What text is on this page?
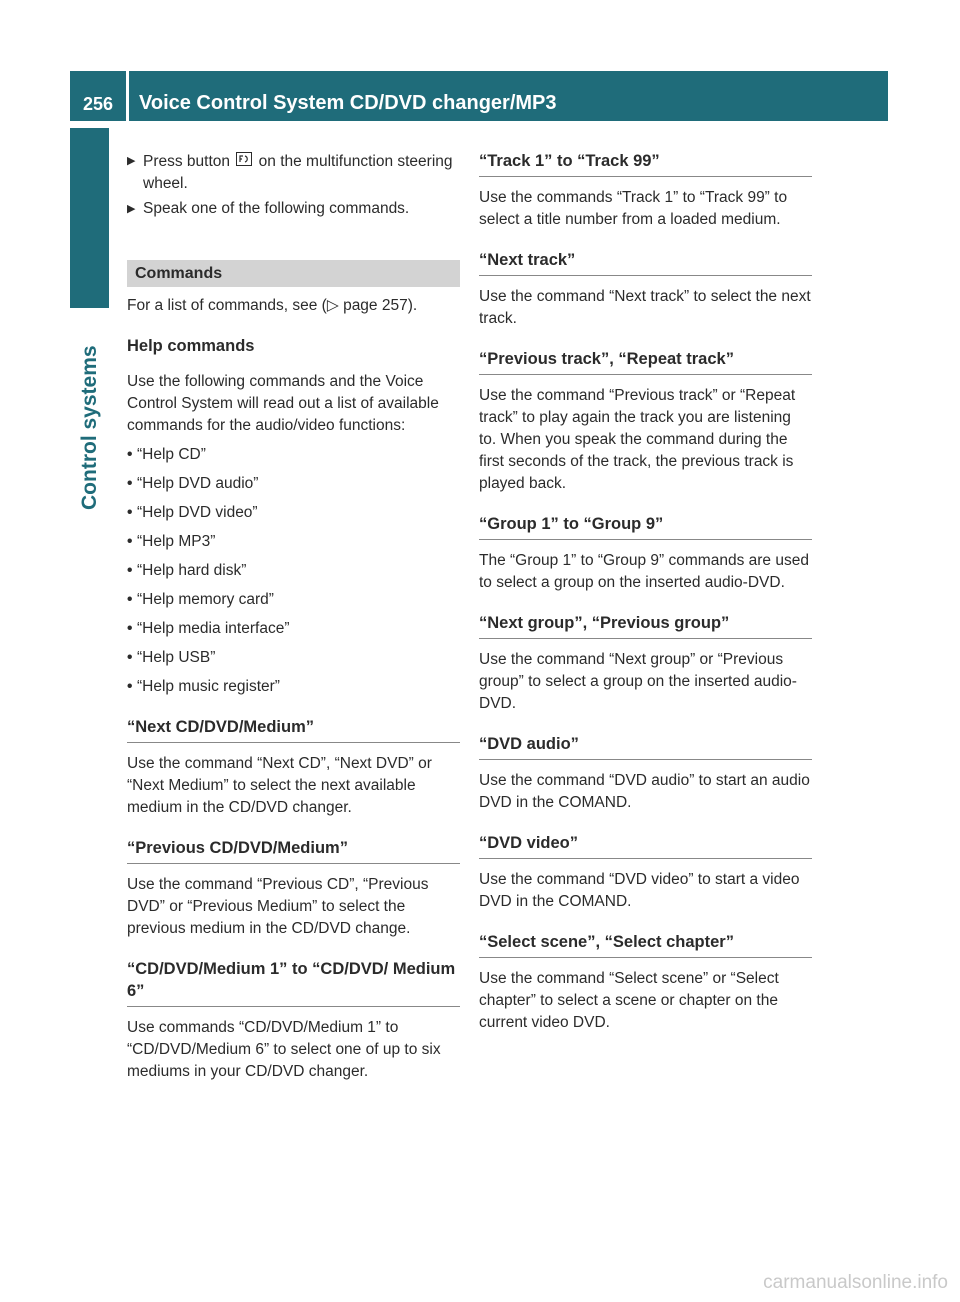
256	Voice Control System CD/DVD changer/MP3
Control systems
▶ Press button on the multifunction steering wheel.
▶ Speak one of the following commands.
Commands
For a list of commands, see (▷ page 257).
Help commands
Use the following commands and the Voice Control System will read out a list of available commands for the audio/video functions:
• “Help CD”
• “Help DVD audio”
• “Help DVD video”
• “Help MP3”
• “Help hard disk”
• “Help memory card”
• “Help media interface”
• “Help USB”
• “Help music register”
“Next CD/DVD/Medium”
Use the command “Next CD”, “Next DVD” or “Next Medium” to select the next available medium in the CD/DVD changer.
“Previous CD/DVD/Medium”
Use the command “Previous CD”, “Previous DVD” or “Previous Medium” to select the previous medium in the CD/DVD change.
“CD/DVD/Medium 1” to “CD/DVD/ Medium 6”
Use commands “CD/DVD/Medium 1” to “CD/DVD/Medium 6” to select one of up to six mediums in your CD/DVD changer.
“Track 1” to “Track 99”
Use the commands “Track 1” to “Track 99” to select a title number from a loaded medium.
“Next track”
Use the command “Next track” to select the next track.
“Previous track”, “Repeat track”
Use the command “Previous track” or “Repeat track” to play again the track you are listening to. When you speak the command during the first seconds of the track, the previous track is played back.
“Group 1” to “Group 9”
The “Group 1” to “Group 9” commands are used to select a group on the inserted audio-DVD.
“Next group”, “Previous group”
Use the command “Next group” or “Previous group” to select a group on the inserted audio-DVD.
“DVD audio”
Use the command “DVD audio” to start an audio DVD in the COMAND.
“DVD video”
Use the command “DVD video” to start a video DVD in the COMAND.
“Select scene”, “Select chapter”
Use the command “Select scene” or “Select chapter” to select a scene or chapter on the current video DVD.
carmanualsonline.info
